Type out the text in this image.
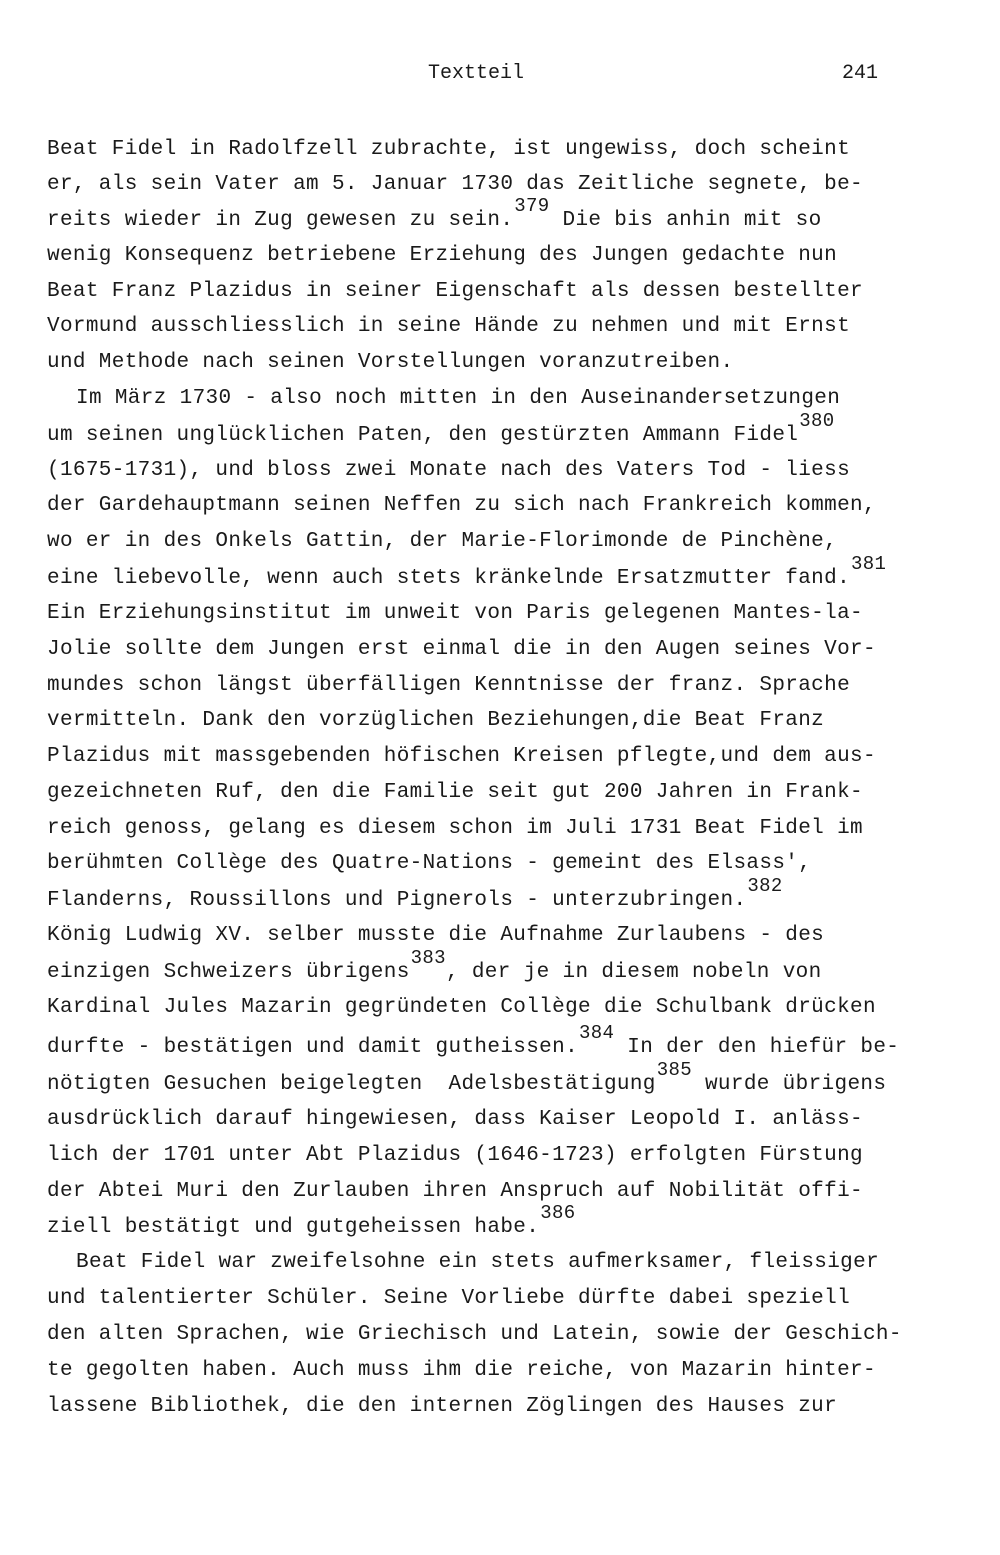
Textteil	241
Beat Fidel in Radolfzell zubrachte, ist ungewiss, doch scheint
er, als sein Vater am 5. Januar 1730 das Zeitliche segnete, be-
reits wieder in Zug gewesen zu sein.379 Die bis anhin mit so
wenig Konsequenz betriebene Erziehung des Jungen gedachte nun
Beat Franz Plazidus in seiner Eigenschaft als dessen bestellter
Vormund ausschliesslich in seine Hände zu nehmen und mit Ernst
und Methode nach seinen Vorstellungen voranzutreiben.
Im März 1730 - also noch mitten in den Auseinandersetzungen
um seinen unglücklichen Paten, den gestürzten Ammann Fidel380
(1675-1731), und bloss zwei Monate nach des Vaters Tod - liess
der Gardehauptmann seinen Neffen zu sich nach Frankreich kommen,
wo er in des Onkels Gattin, der Marie-Florimonde de Pinchène,
eine liebevolle, wenn auch stets kränkelnde Ersatzmutter fand.381
Ein Erziehungsinstitut im unweit von Paris gelegenen Mantes-la-
Jolie sollte dem Jungen erst einmal die in den Augen seines Vor-
mundes schon längst überfälligen Kenntnisse der franz. Sprache
vermitteln. Dank den vorzüglichen Beziehungen,die Beat Franz
Plazidus mit massgebenden höfischen Kreisen pflegte,und dem aus-
gezeichneten Ruf, den die Familie seit gut 200 Jahren in Frank-
reich genoss, gelang es diesem schon im Juli 1731 Beat Fidel im
berühmten Collège des Quatre-Nations - gemeint des Elsass',
Flanderns, Roussillons und Pignerols - unterzubringen.382
König Ludwig XV. selber musste die Aufnahme Zurlaubens - des
einzigen Schweizers übrigens383, der je in diesem nobeln von
Kardinal Jules Mazarin gegründeten Collège die Schulbank drücken
durfte - bestätigen und damit gutheissen.384 In der den hiefür be-
nötigten Gesuchen beigelegten  Adelsbestätigung385 wurde übrigens
ausdrücklich darauf hingewiesen, dass Kaiser Leopold I. anläss-
lich der 1701 unter Abt Plazidus (1646-1723) erfolgten Fürstung
der Abtei Muri den Zurlauben ihren Anspruch auf Nobilität offi-
ziell bestätigt und gutgeheissen habe.386
Beat Fidel war zweifelsohne ein stets aufmerksamer, fleissiger
und talentierter Schüler. Seine Vorliebe dürfte dabei speziell
den alten Sprachen, wie Griechisch und Latein, sowie der Geschich-
te gegolten haben. Auch muss ihm die reiche, von Mazarin hinter-
lassene Bibliothek, die den internen Zöglingen des Hauses zur
